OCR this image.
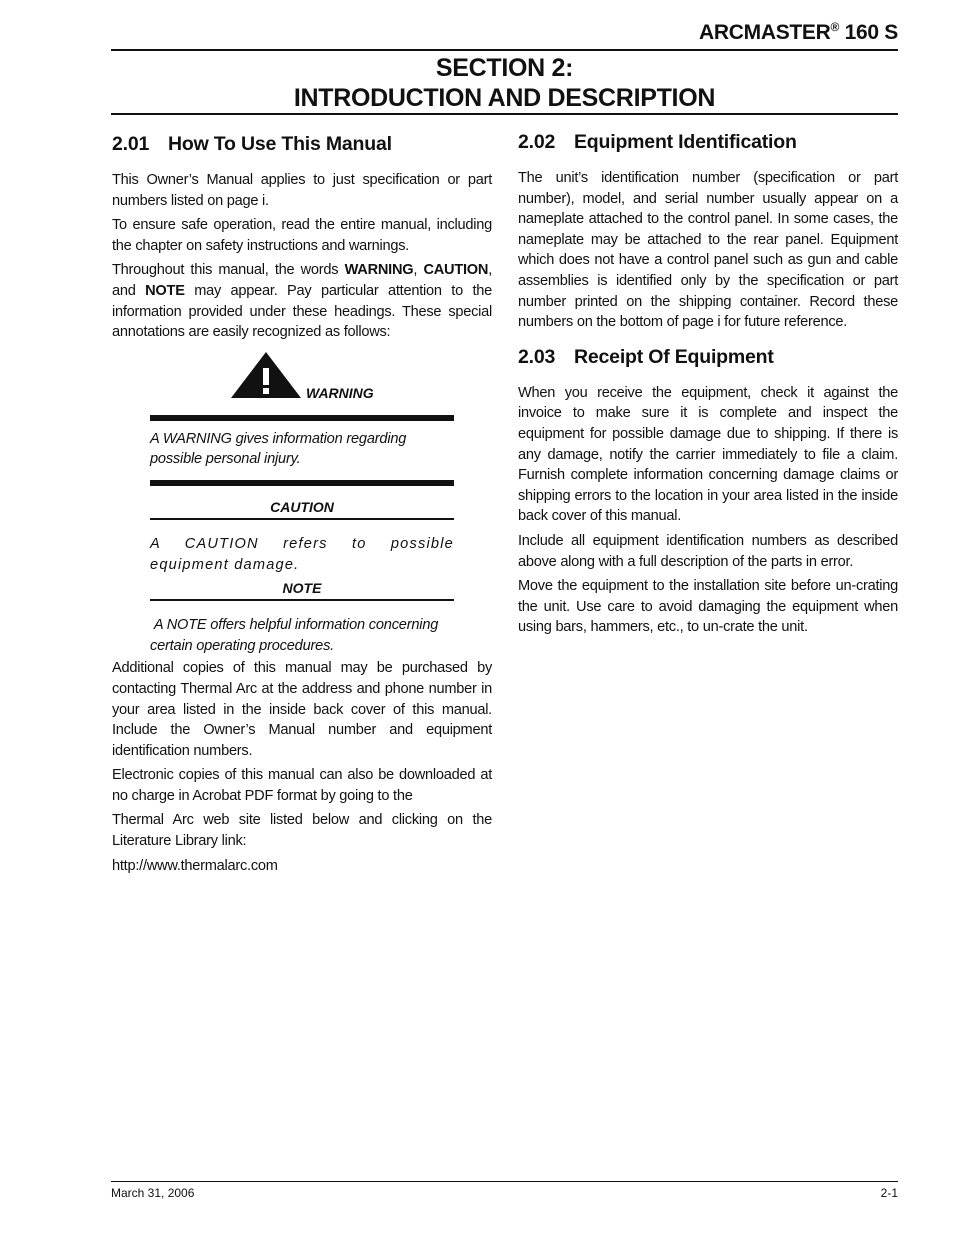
ARCMASTER® 160 S
SECTION 2:
INTRODUCTION AND DESCRIPTION
2.01 How To Use This Manual

This Owner’s Manual applies to just specification or part numbers listed on page i.

To ensure safe operation, read the entire manual, including the chapter on safety instructions and warnings.

Throughout this manual, the words WARNING, CAUTION, and NOTE may appear. Pay particular attention to the information provided under these headings. These special annotations are easily recognized as follows:

WARNING
A WARNING gives information regarding possible personal injury.
CAUTION
A CAUTION refers to possible equipment damage.
NOTE
A NOTE offers helpful information concerning certain operating procedures.

Additional copies of this manual may be purchased by contacting Thermal Arc at the address and phone number in your area listed in the inside back cover of this manual. Include the Owner’s Manual number and equipment identification numbers.

Electronic copies of this manual can also be downloaded at no charge in Acrobat PDF format by going to the

Thermal Arc web site listed below and clicking on the Literature Library link:

http://www.thermalarc.com

2.02 Equipment Identification

The unit’s identification number (specification or part number), model, and serial number usually appear on a nameplate attached to the control panel. In some cases, the nameplate may be attached to the rear panel. Equipment which does not have a control panel such as gun and cable assemblies is identified only by the specification or part number printed on the shipping container. Record these numbers on the bottom of page i for future reference.

2.03 Receipt Of Equipment

When you receive the equipment, check it against the invoice to make sure it is complete and inspect the equipment for possible damage due to shipping. If there is any damage, notify the carrier immediately to file a claim. Furnish complete information concerning damage claims or shipping errors to the location in your area listed in the inside back cover of this manual.

Include all equipment identification numbers as described above along with a full description of the parts in error.

Move the equipment to the installation site before un-crating the unit. Use care to avoid damaging the equipment when using bars, hammers, etc., to un-crate the unit.

March 31, 2006	2-1
